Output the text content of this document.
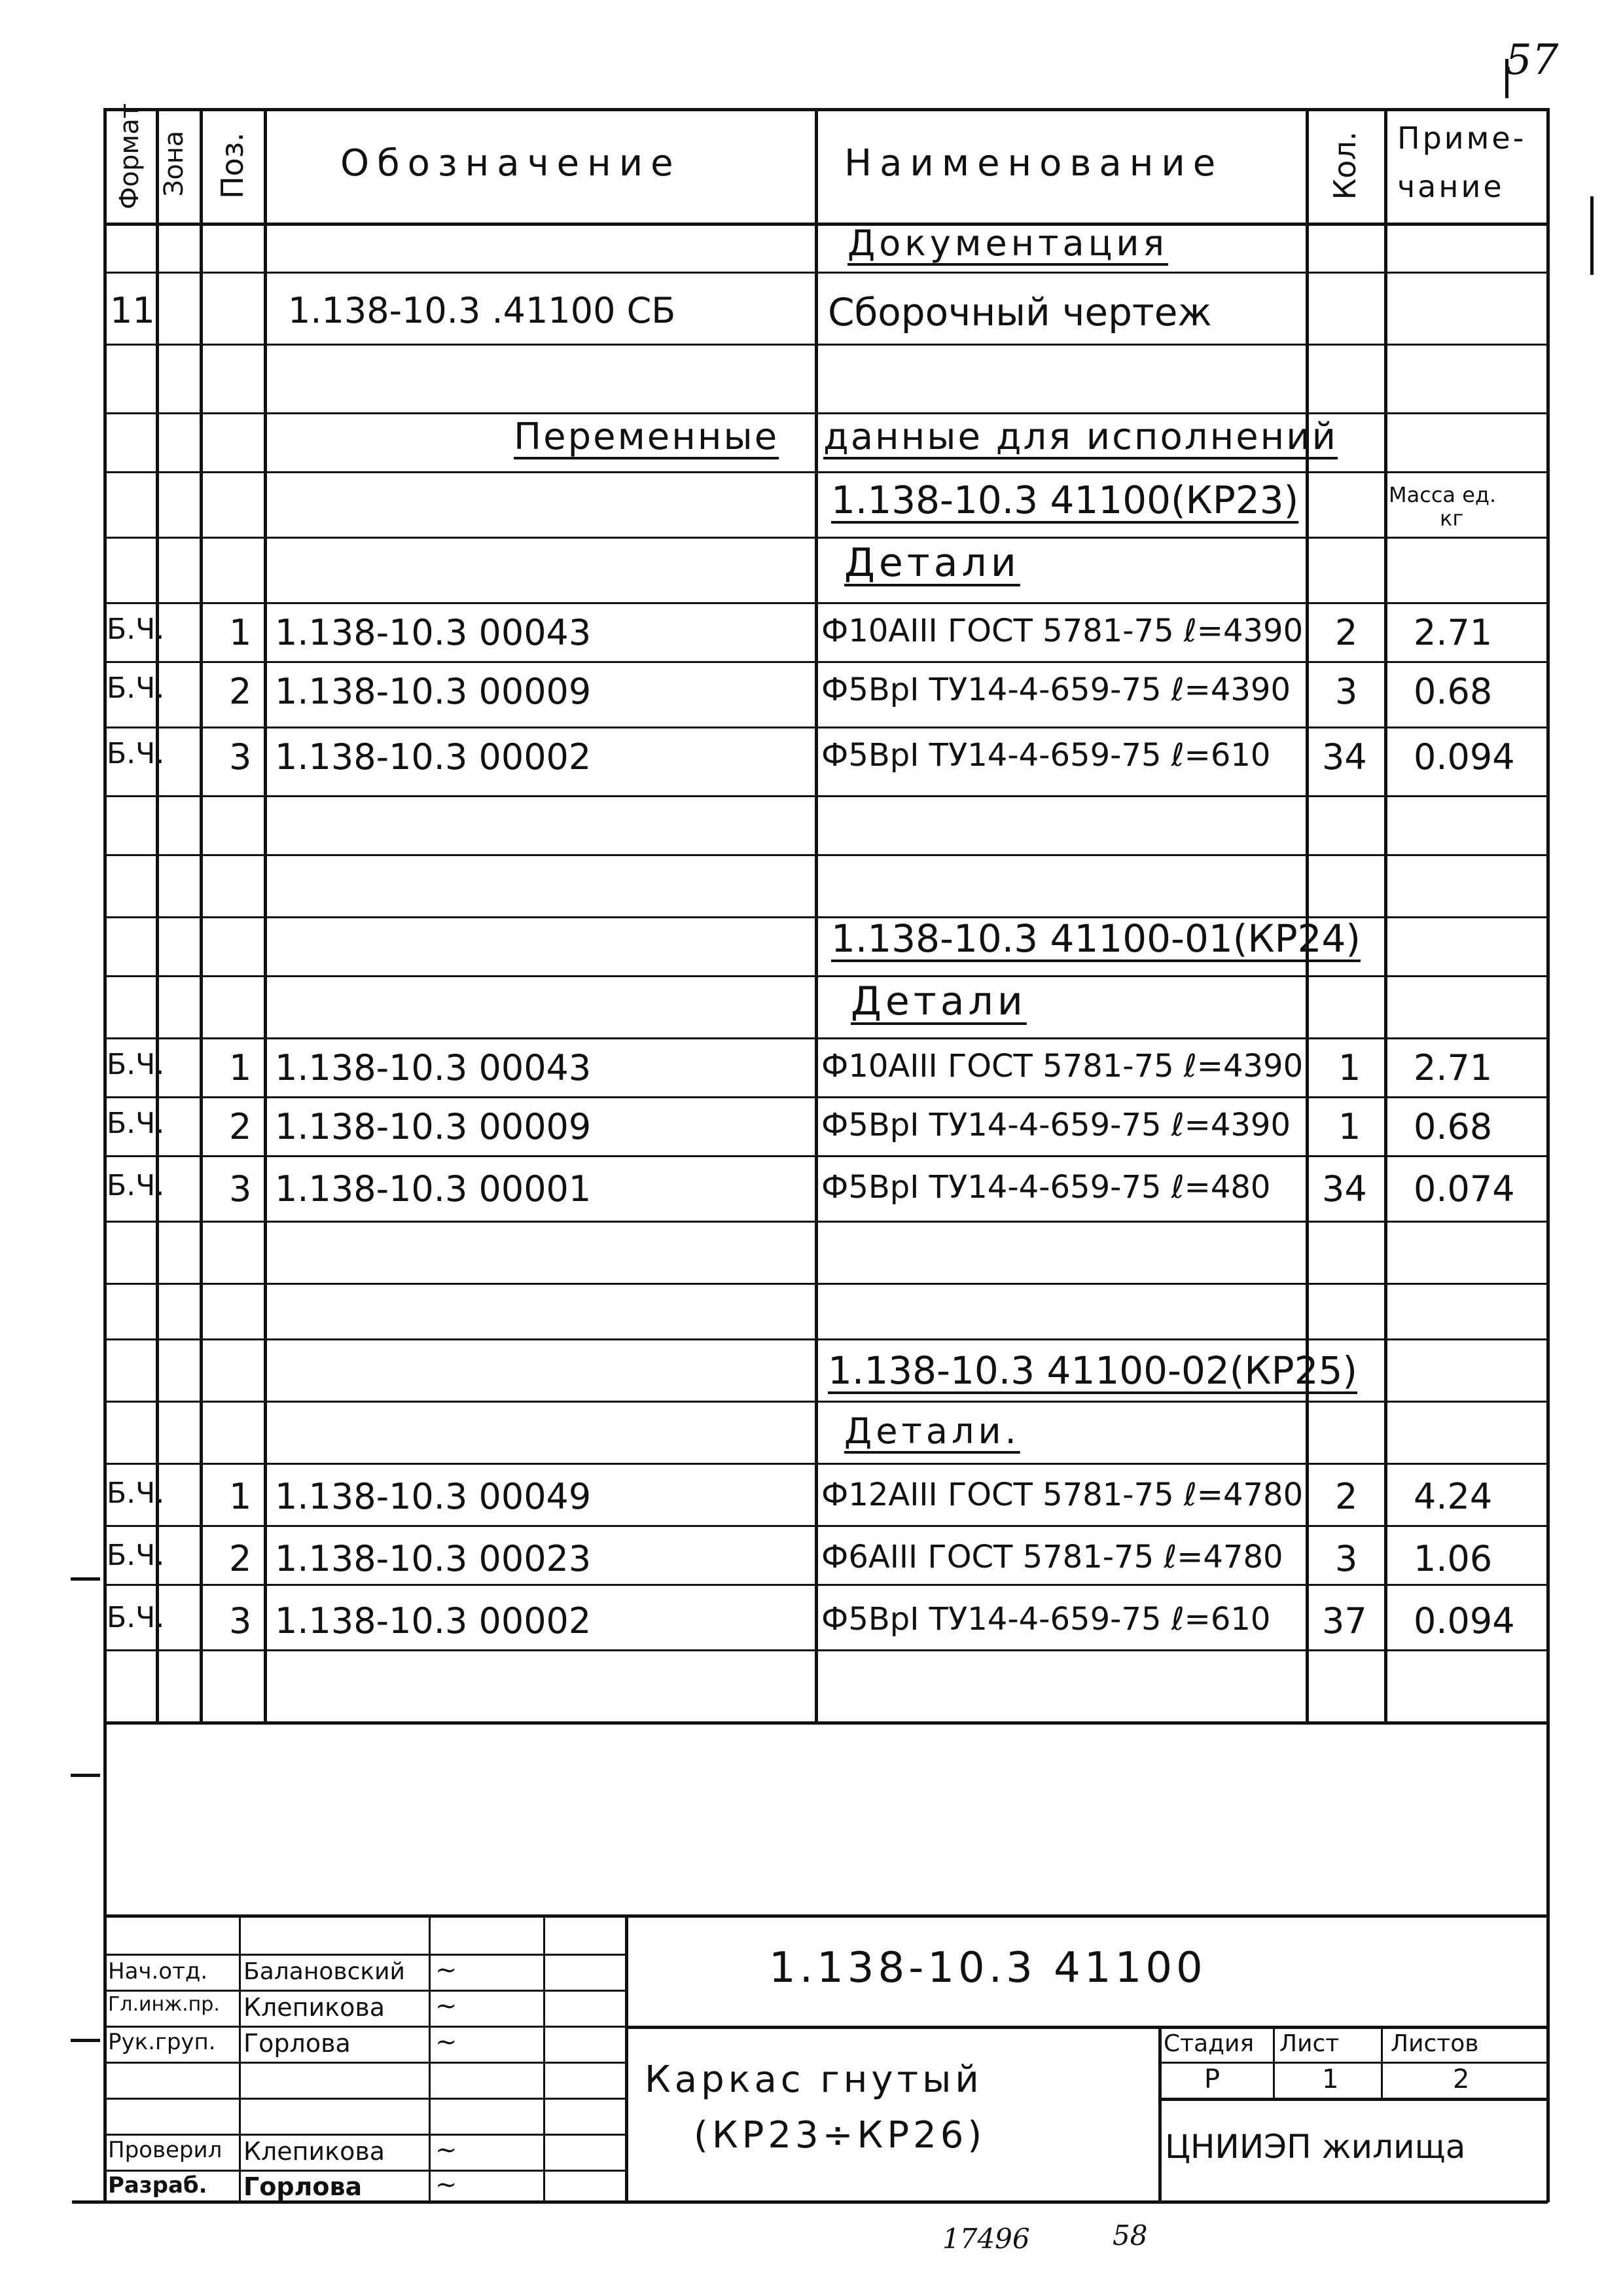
57
Формат Зона Поз. Обозначение	Наименование	Кол. Приме-
чание
Документация
11	1.138-10.3 .41100 СБ	Сборочный чертеж
Переменные данные для исполнений
Масса ед.
кг
1.138-10.3 41100(КР23)
Детали
Б.Ч. 1 1.138-10.3 00043	Ф10АIII ГОСТ 5781-75 ℓ=4390 2 2.71
Б.Ч. 2 1.138-10.3 00009	Ф5ВрI ТУ14-4-659-75 ℓ=4390 3 0.68
Б.Ч. 3 1.138-10.3 00002	Ф5ВрI ТУ14-4-659-75 ℓ=610 34 0.094
1.138-10.3 41100-01(КР24)
Детали
Б.Ч. 1 1.138-10.3 00043	Ф10АIII ГОСТ 5781-75 ℓ=4390 1 2.71
Б.Ч. 2 1.138-10.3 00009	Ф5ВрI ТУ14-4-659-75 ℓ=4390 1 0.68
Б.Ч. 3 1.138-10.3 00001	Ф5ВрI ТУ14-4-659-75 ℓ=480 34 0.074
1.138-10.3 41100-02(КР25)
Детали.
Б.Ч. 1 1.138-10.3 00049	Ф12АIII ГОСТ 5781-75 ℓ=4780 2 4.24
Б.Ч. 2 1.138-10.3 00023	Ф6АIII ГОСТ 5781-75 ℓ=4780 3 1.06
Б.Ч. 3 1.138-10.3 00002	Ф5ВрI ТУ14-4-659-75 ℓ=610 37 0.094
Нач.отд. Балановский ~
Гл.инж.пр. Клепикова ~
Рук.груп. Горлова	~
Проверил Клепикова ~
Разраб. Горлова	~
1.138-10.3 41100
Каркас гнутый
(КР23÷КР26)
Стадия Лист Листов
Р	1	2
ЦНИИЭП жилища
17496	58
